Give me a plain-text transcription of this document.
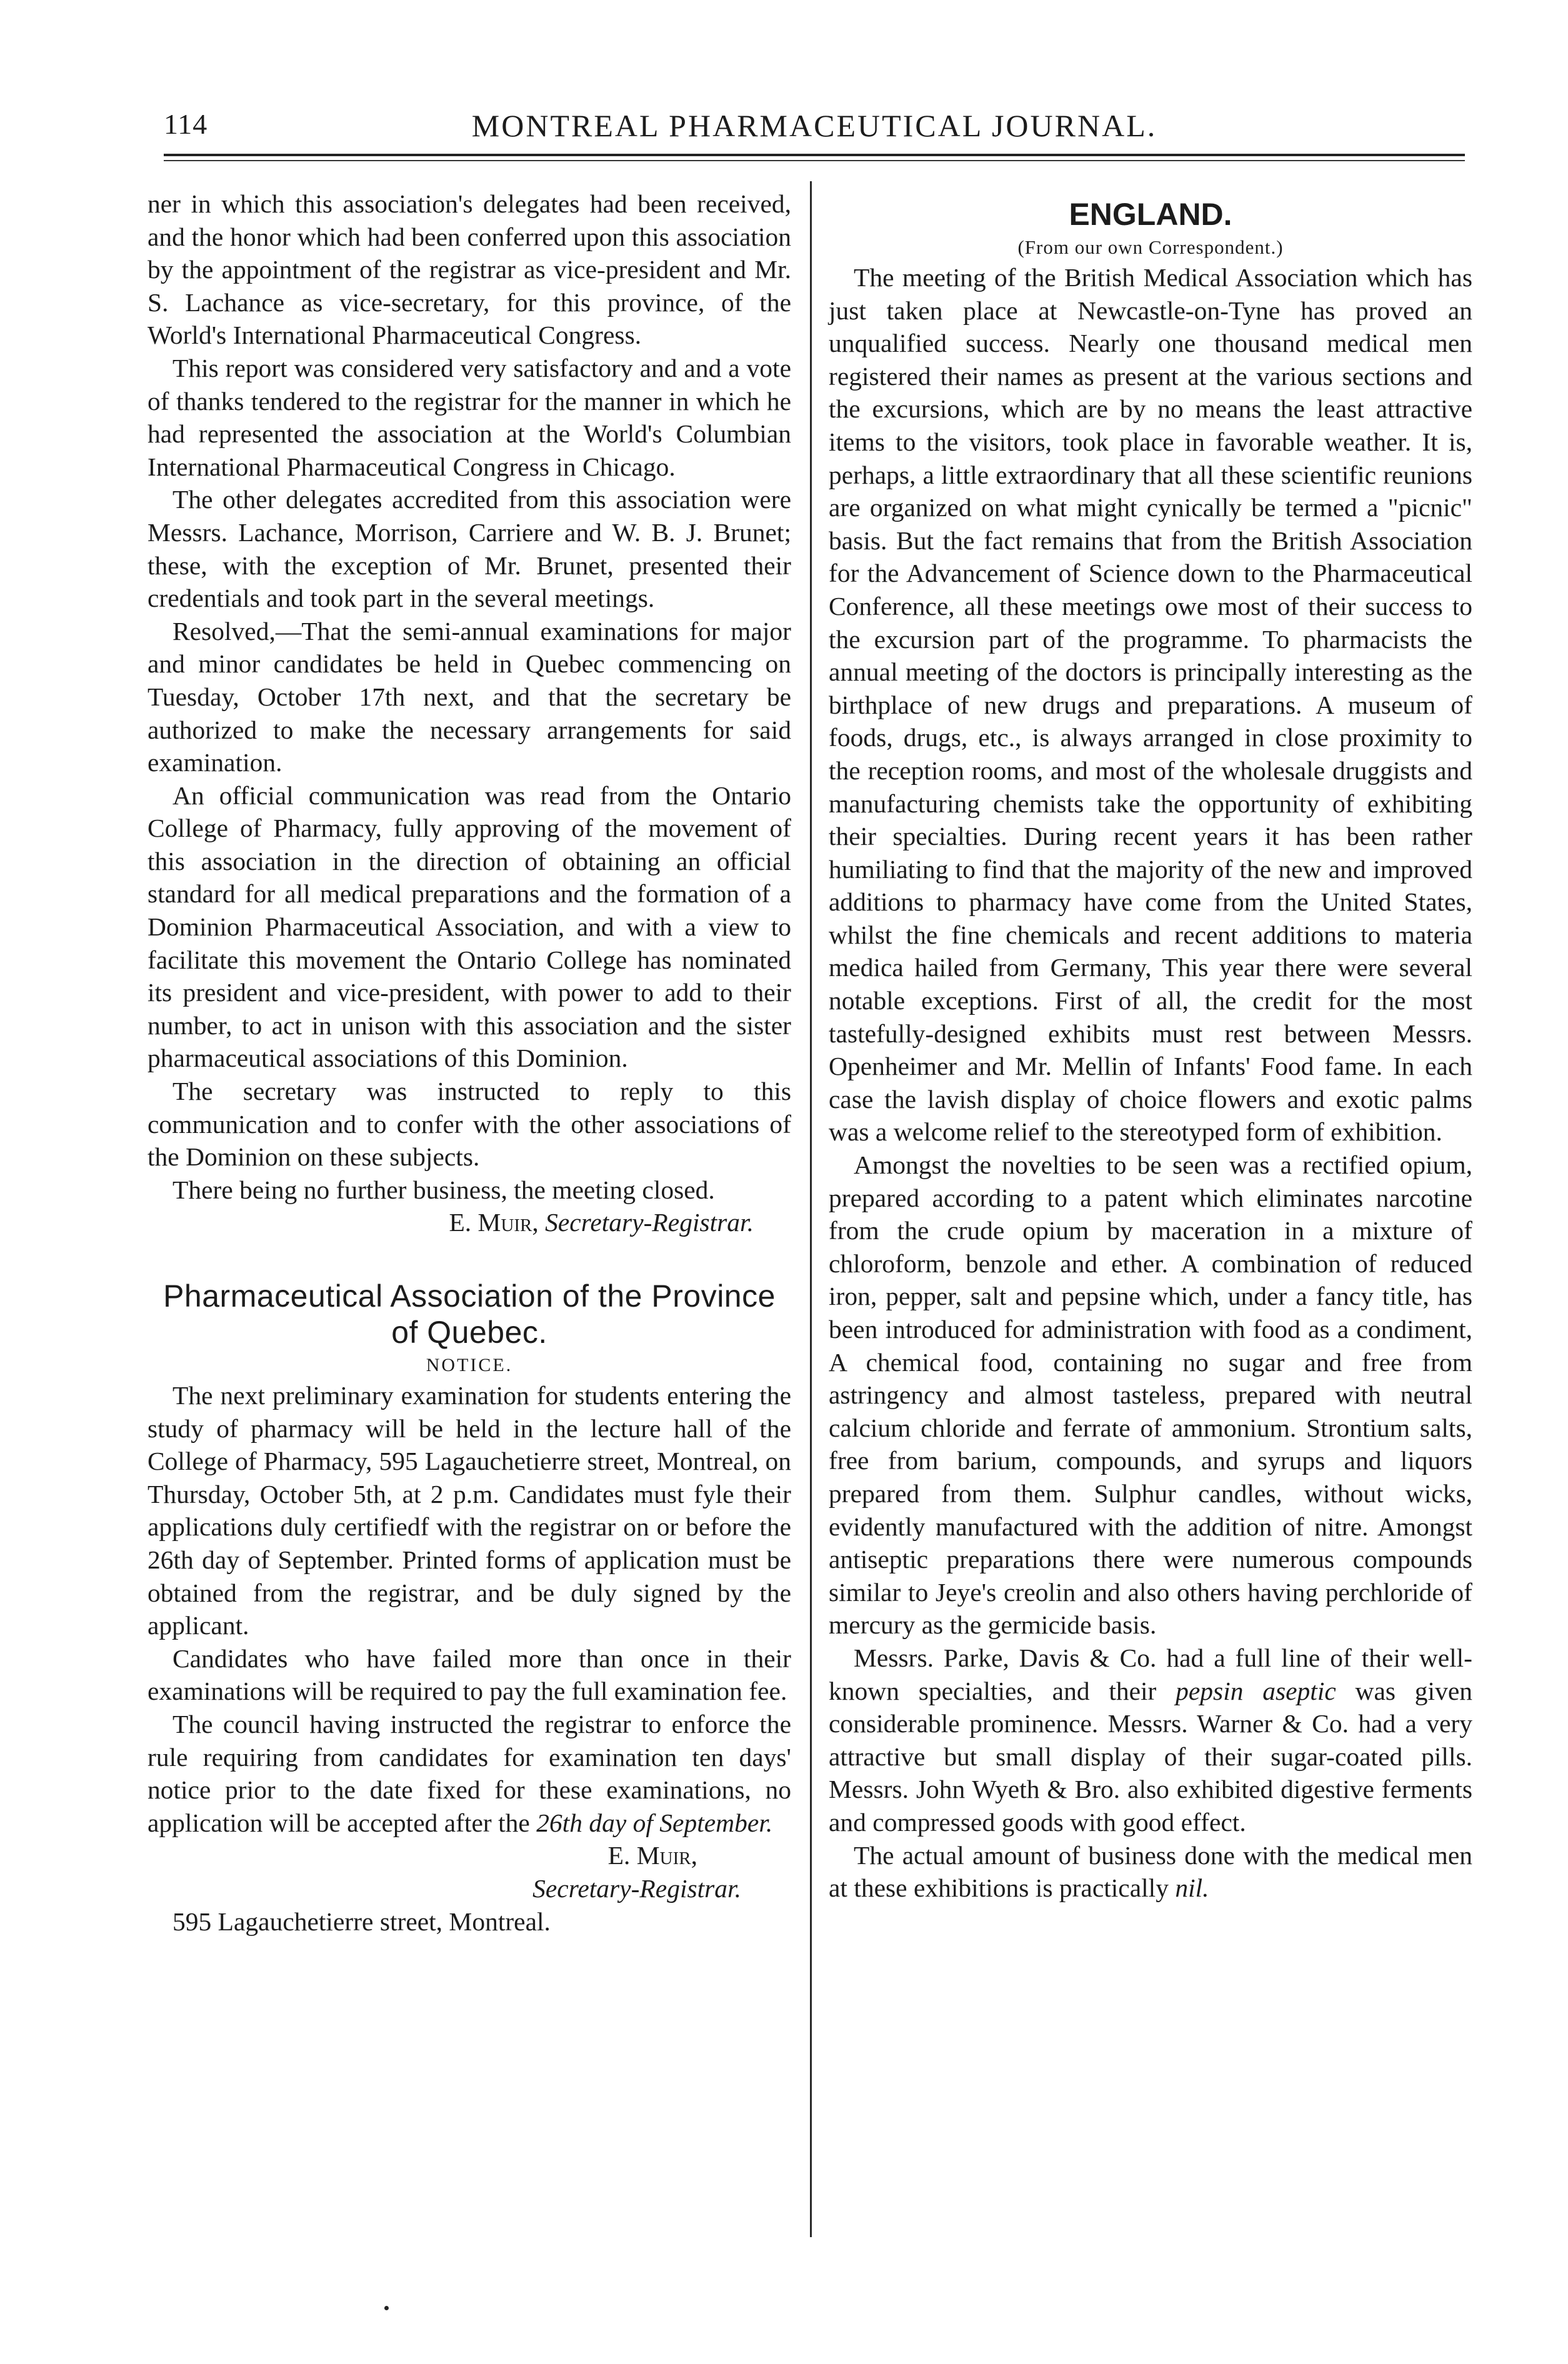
114	MONTREAL PHARMACEUTICAL JOURNAL.

ner in which this association's delegates had been received, and the honor which had been conferred upon this association by the appointment of the registrar as vice-president and Mr. S. Lachance as vice-secretary, for this province, of the World's International Pharmaceutical Congress.

This report was considered very satisfactory and and a vote of thanks tendered to the registrar for the manner in which he had represented the association at the World's Columbian International Pharmaceutical Congress in Chicago.

The other delegates accredited from this association were Messrs. Lachance, Morrison, Carriere and W. B. J. Brunet; these, with the exception of Mr. Brunet, presented their credentials and took part in the several meetings.

Resolved,—That the semi-annual examinations for major and minor candidates be held in Quebec commencing on Tuesday, October 17th next, and that the secretary be authorized to make the necessary arrangements for said examination.

An official communication was read from the Ontario College of Pharmacy, fully approving of the movement of this association in the direction of obtaining an official standard for all medical preparations and the formation of a Dominion Pharmaceutical Association, and with a view to facilitate this movement the Ontario College has nominated its president and vice-president, with power to add to their number, to act in unison with this association and the sister pharmaceutical associations of this Dominion.

The secretary was instructed to reply to this communication and to confer with the other associations of the Dominion on these subjects.

There being no further business, the meeting closed.

E. Muir, Secretary-Registrar.

Pharmaceutical Association of the Province of Quebec.
NOTICE.

The next preliminary examination for students entering the study of pharmacy will be held in the lecture hall of the College of Pharmacy, 595 Lagauchetierre street, Montreal, on Thursday, October 5th, at 2 p.m. Candidates must fyle their applications duly certifiedf with the registrar on or before the 26th day of September. Printed forms of application must be obtained from the registrar, and be duly signed by the applicant.

Candidates who have failed more than once in their examinations will be required to pay the full examination fee.

The council having instructed the registrar to enforce the rule requiring from candidates for examination ten days' notice prior to the date fixed for these examinations, no application will be accepted after the 26th day of September.

E. Muir,

Secretary-Registrar.

595 Lagauchetierre street, Montreal.

ENGLAND.
(From our own Correspondent.)

The meeting of the British Medical Association which has just taken place at Newcastle-on-Tyne has proved an unqualified success. Nearly one thousand medical men registered their names as present at the various sections and the excursions, which are by no means the least attractive items to the visitors, took place in favorable weather. It is, perhaps, a little extraordinary that all these scientific reunions are organized on what might cynically be termed a "picnic" basis. But the fact remains that from the British Association for the Advancement of Science down to the Pharmaceutical Conference, all these meetings owe most of their success to the excursion part of the programme. To pharmacists the annual meeting of the doctors is principally interesting as the birthplace of new drugs and preparations. A museum of foods, drugs, etc., is always arranged in close proximity to the reception rooms, and most of the wholesale druggists and manufacturing chemists take the opportunity of exhibiting their specialties. During recent years it has been rather humiliating to find that the majority of the new and improved additions to pharmacy have come from the United States, whilst the fine chemicals and recent additions to materia medica hailed from Germany, This year there were several notable exceptions. First of all, the credit for the most tastefully-designed exhibits must rest between Messrs. Openheimer and Mr. Mellin of Infants' Food fame. In each case the lavish display of choice flowers and exotic palms was a welcome relief to the stereotyped form of exhibition.

Amongst the novelties to be seen was a rectified opium, prepared according to a patent which eliminates narcotine from the crude opium by maceration in a mixture of chloroform, benzole and ether. A combination of reduced iron, pepper, salt and pepsine which, under a fancy title, has been introduced for administration with food as a condiment, A chemical food, containing no sugar and free from astringency and almost tasteless, prepared with neutral calcium chloride and ferrate of ammonium. Strontium salts, free from barium, compounds, and syrups and liquors prepared from them. Sulphur candles, without wicks, evidently manufactured with the addition of nitre. Amongst antiseptic preparations there were numerous compounds similar to Jeye's creolin and also others having perchloride of mercury as the germicide basis.

Messrs. Parke, Davis & Co. had a full line of their well-known specialties, and their pepsin aseptic was given considerable prominence. Messrs. Warner & Co. had a very attractive but small display of their sugar-coated pills. Messrs. John Wyeth & Bro. also exhibited digestive ferments and compressed goods with good effect.

The actual amount of business done with the medical men at these exhibitions is practically nil.
